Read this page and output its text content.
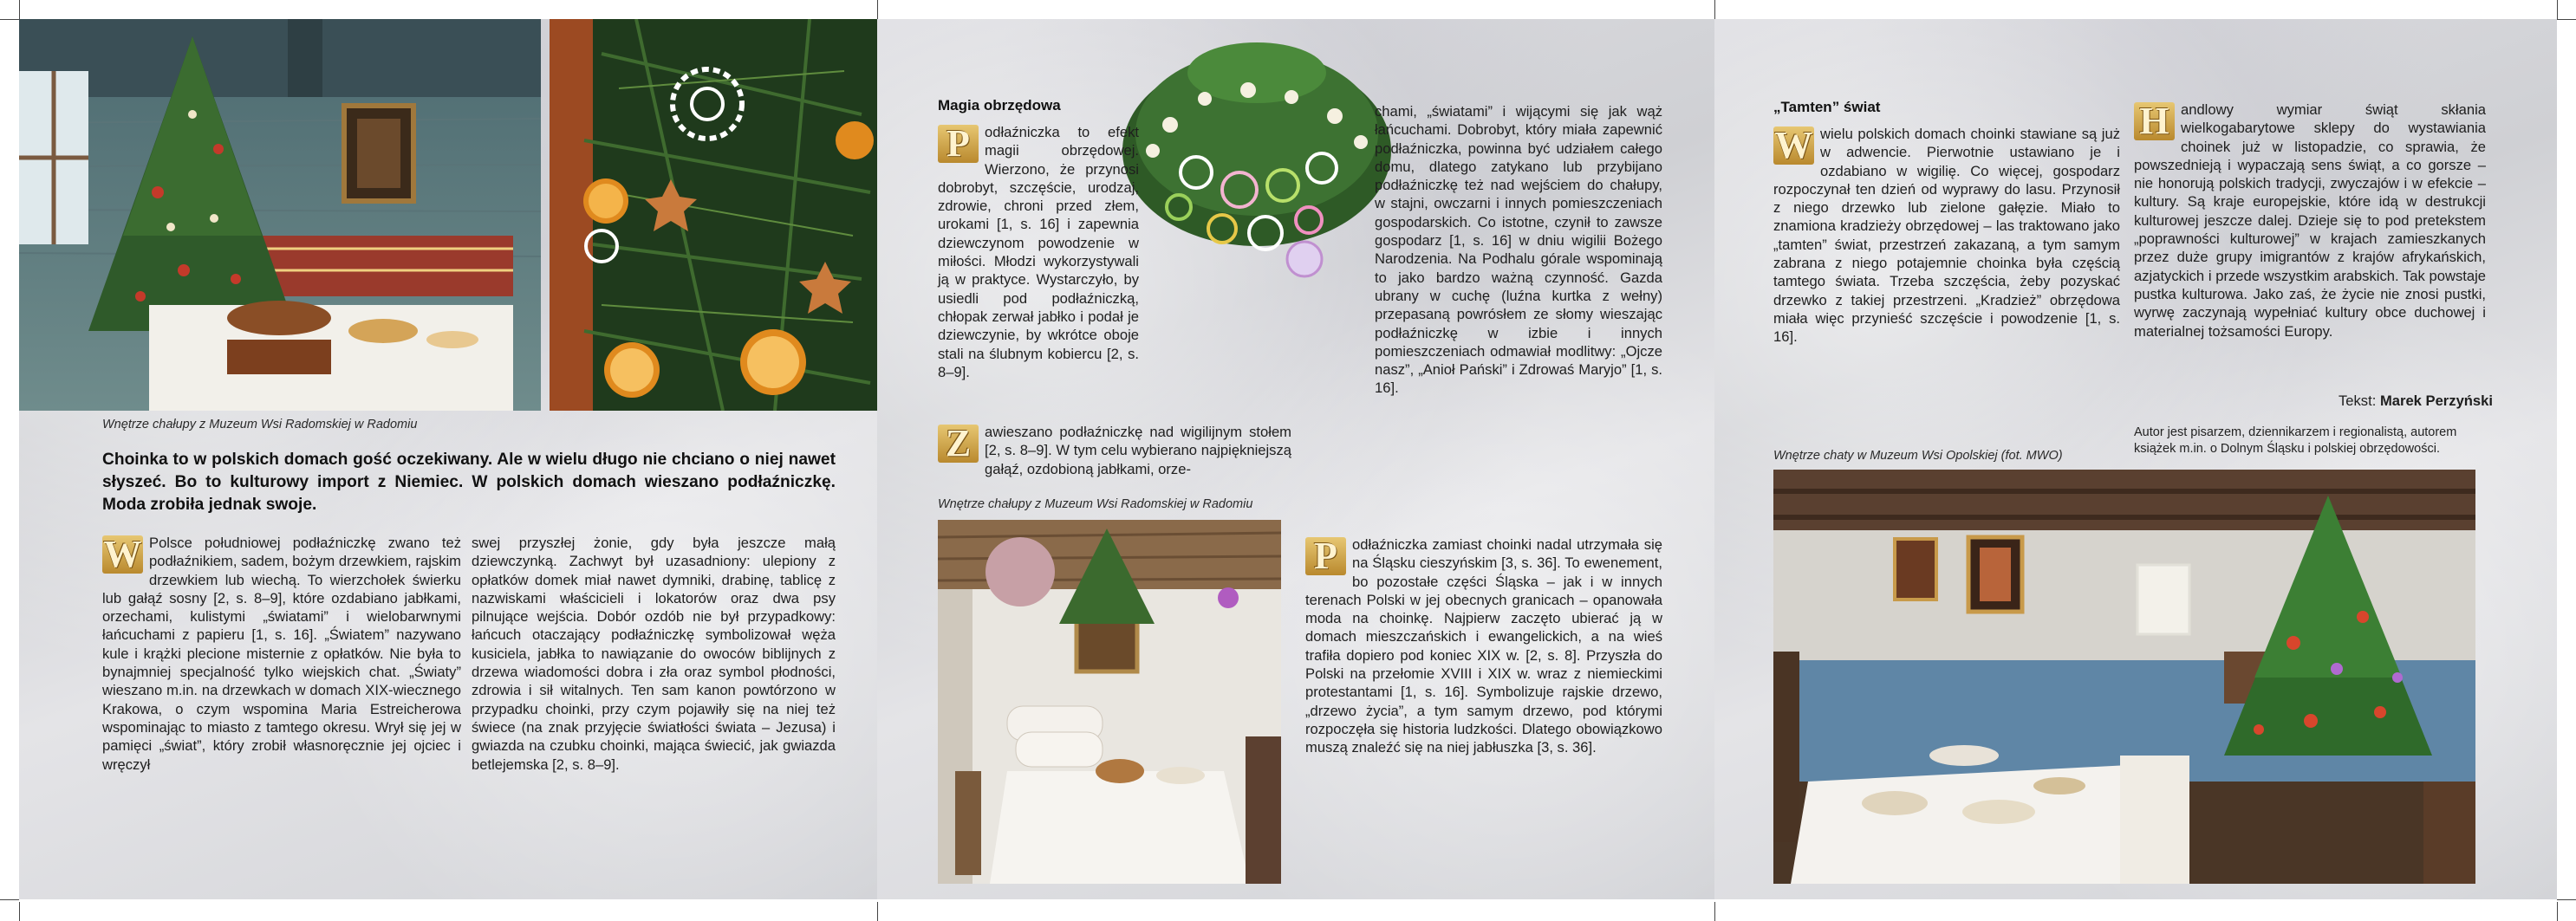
Wnętrze chałupy z Muzeum Wsi Radomskiej w Radomiu
Choinka to w polskich domach gość oczekiwany. Ale w wielu długo nie chciano o niej nawet słyszeć. Bo to kulturowy import z Niemiec. W polskich domach wieszano podłaźniczkę. Moda zrobiła jednak swoje.

W Polsce południowej podłaźniczkę zwano też podłaźnikiem, sadem, bożym drzewkiem, rajskim drzewkiem lub wiechą. To wierzchołek świerku lub gałąź sosny [2, s. 8–9], które ozdabiano jabłkami, orzechami, kulistymi „światami” i wielobarwnymi łańcuchami z papieru [1, s. 16]. „Światem” nazywano kule i krążki plecione misternie z opłatków. Nie była to bynajmniej specjalność tylko wiejskich chat. „Światy” wieszano m.in. na drzewkach w domach XIX-wiecznego Krakowa, o czym wspomina Maria Estreicherowa wspominając to miasto z tamtego okresu. Wrył się jej w pamięci „świat”, który zrobił własnoręcznie jej ojciec i wręczył

swej przyszłej żonie, gdy była jeszcze małą dziewczynką. Zachwyt był uzasadniony: ulepiony z opłatków domek miał nawet dymniki, drabinę, tablicę z nazwiskami właścicieli i lokatorów oraz dwa psy pilnujące wejścia. Dobór ozdób nie był przypadkowy: łańcuch otaczający podłaźniczkę symbolizował węża kusiciela, jabłka to nawiązanie do owoców biblijnych z drzewa wiadomości dobra i zła oraz symbol płodności, zdrowia i sił witalnych. Ten sam kanon powtórzono w przypadku choinki, przy czym pojawiły się na niej też świece (na znak przyjęcie światłości świata – Jezusa) i gwiazda na czubku choinki, mająca świecić, jak gwiazda betlejemska [2, s. 8–9].

Magia obrzędowa

P	odłaźniczka to efekt magii obrzędowej. Wierzono, że przynosi dobrobyt, szczęście, urodzaj, zdrowie, chroni przed złem, urokami [1, s. 16] i zapewnia dziewczynom powodzenie w miłości. Młodzi wykorzystywali ją w praktyce. Wystarczyło, by usiedli pod podłaźniczką, chłopak zerwał jabłko i podał je dziewczynie, by wkrótce oboje stali na ślubnym kobiercu [2, s. 8–9].

Z awieszano podłaźniczkę nad wigilijnym stołem [2, s. 8–9]. W tym celu wybierano najpiękniejszą gałąź, ozdobioną jabłkami, orze-

Wnętrze chałupy z Muzeum Wsi Radomskiej w Radomiu

chami, „światami” i wijącymi się jak wąż łańcuchami. Dobrobyt, który miała zapewnić podłaźniczka, powinna być udziałem całego domu, dlatego zatykano lub przybijano podłaźniczkę też nad wejściem do chałupy, w stajni, owczarni i innych pomieszczeniach gospodarskich. Co istotne, czynił to zawsze gospodarz [1, s. 16] w dniu wigilii Bożego Narodzenia. Na Podhalu górale wspominają to jako bardzo ważną czynność. Gazda ubrany w cuchę (luźna kurtka z wełny) przepasaną powrósłem ze słomy wieszając podłaźniczkę w izbie i innych pomieszczeniach odmawiał modlitwy: „Ojcze nasz”, „Anioł Pański” i Zdrowaś Maryjo” [1, s. 16].

P	odłaźniczka zamiast choinki nadal utrzymała się na Śląsku cieszyńskim [3, s. 36]. To ewenement, bo pozostałe części Śląska – jak i w innych terenach Polski w jej obecnych granicach – opanowała moda na choinkę. Najpierw zaczęto ubierać ją w domach mieszczańskich i ewangelickich, a na wieś trafiła dopiero pod koniec XIX w. [2, s. 8]. Przyszła do Polski na przełomie XVIII i XIX w. wraz z niemieckimi protestantami [1, s. 16]. Symbolizuje rajskie drzewo, „drzewo życia”, a tym samym drzewo, pod którymi rozpoczęła się historia ludzkości. Dlatego obowiązkowo muszą znaleźć się na niej jabłuszka [3, s. 36].

„Tamten” świat

W wielu polskich domach choinki stawiane są już w adwencie. Pierwotnie ustawiano je i ozdabiano w wigilię. Co więcej, gospodarz rozpoczynał ten dzień od wyprawy do lasu. Przynosił z niego drzewko lub zielone gałęzie. Miało to znamiona kradzieży obrzędowej – las traktowano jako „tamten” świat, przestrzeń zakazaną, a tym samym zabrana z niego potajemnie choinka była częścią tamtego świata. Trzeba szczęścia, żeby pozyskać drzewko z takiej przestrzeni. „Kradzież” obrzędowa miała więc przynieść szczęście i powodzenie [1, s. 16].

H andlowy wymiar świąt skłania wielkogabarytowe sklepy do wystawiania choinek już w listopadzie, co sprawia, że powszednieją i wypaczają sens świąt, a co gorsze – nie honorują polskich tradycji, zwyczajów i w efekcie – kultury. Są kraje europejskie, które idą w destrukcji kulturowej jeszcze dalej. Dzieje się to pod pretekstem „poprawności kulturowej” w krajach zamieszkanych przez duże grupy imigrantów z krajów afrykańskich, azjatyckich i przede wszystkim arabskich. Tak powstaje pustka kulturowa. Jako zaś, że życie nie znosi pustki, wyrwę zaczynają wypełniać kultury obce duchowej i materialnej tożsamości Europy.

Tekst: Marek Perzyński
Autor jest pisarzem, dziennikarzem i regionalistą, autorem książek m.in. o Dolnym Śląsku i polskiej obrzędowości.
Wnętrze chaty w Muzeum Wsi Opolskiej (fot. MWO)
